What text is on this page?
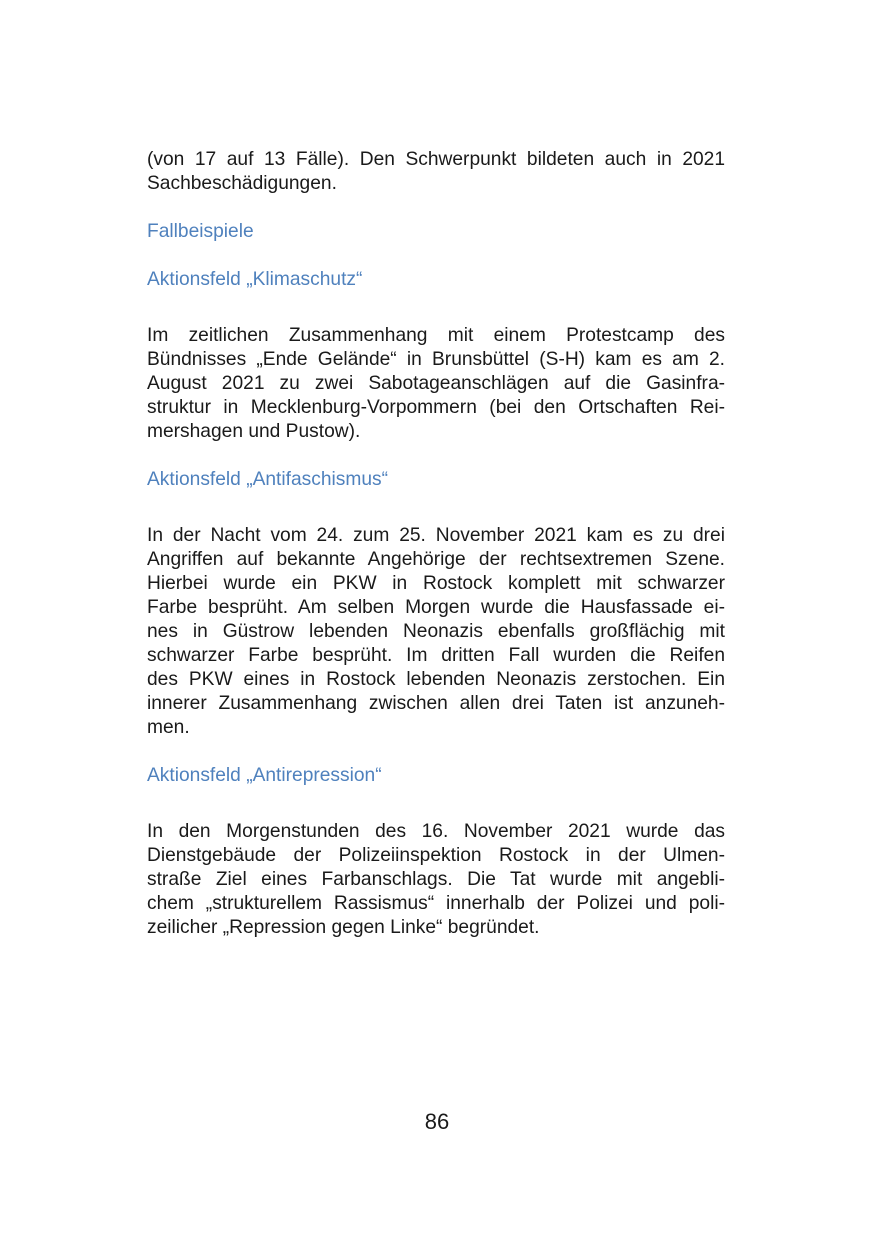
(von 17 auf 13 Fälle). Den Schwerpunkt bildeten auch in 2021
Sachbeschädigungen.

Fallbeispiele
Aktionsfeld „Klimaschutz“

Im zeitlichen Zusammenhang mit einem Protestcamp des
Bündnisses „Ende Gelände“ in Brunsbüttel (S-H) kam es am 2.
August 2021 zu zwei Sabotageanschlägen auf die Gasinfra-
struktur in Mecklenburg-Vorpommern (bei den Ortschaften Rei-
mershagen und Pustow).

Aktionsfeld „Antifaschismus“

In der Nacht vom 24. zum 25. November 2021 kam es zu drei
Angriffen auf bekannte Angehörige der rechtsextremen Szene.
Hierbei wurde ein PKW in Rostock komplett mit schwarzer
Farbe besprüht. Am selben Morgen wurde die Hausfassade ei-
nes in Güstrow lebenden Neonazis ebenfalls großflächig mit
schwarzer Farbe besprüht. Im dritten Fall wurden die Reifen
des PKW eines in Rostock lebenden Neonazis zerstochen. Ein
innerer Zusammenhang zwischen allen drei Taten ist anzuneh-
men.

Aktionsfeld „Antirepression“

In den Morgenstunden des 16. November 2021 wurde das
Dienstgebäude der Polizeiinspektion Rostock in der Ulmen-
straße Ziel eines Farbanschlags. Die Tat wurde mit angebli-
chem „strukturellem Rassismus“ innerhalb der Polizei und poli-
zeilicher „Repression gegen Linke“ begründet.

86
